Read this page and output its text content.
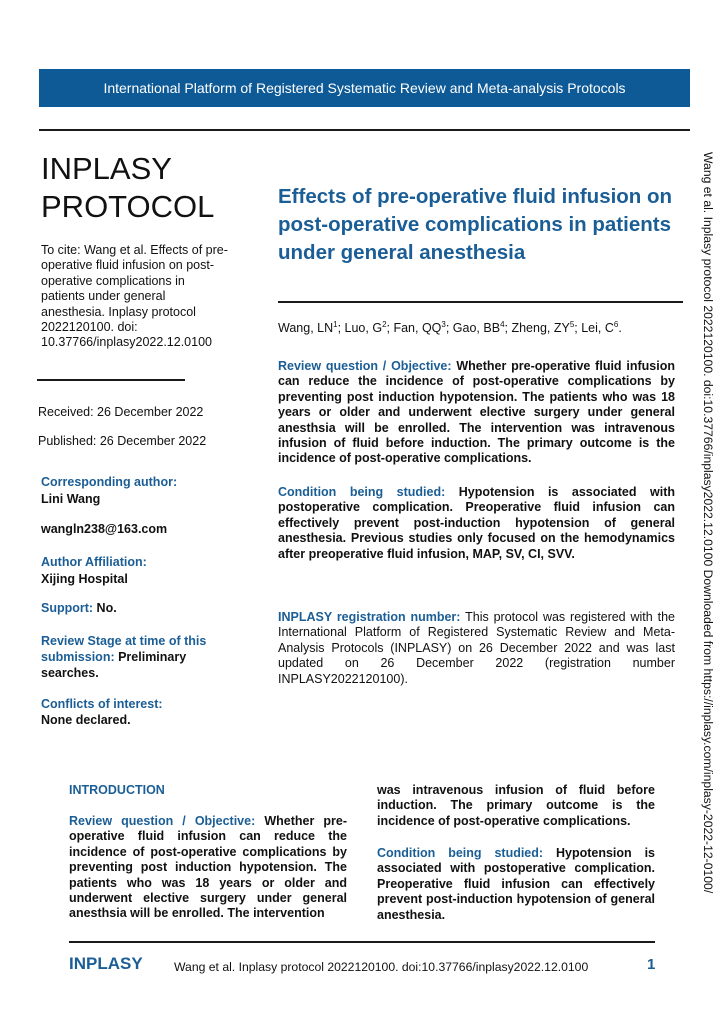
International Platform of Registered Systematic Review and Meta-analysis Protocols
INPLASY
PROTOCOL
To cite: Wang et al. Effects of pre-operative fluid infusion on post-operative complications in patients under general anesthesia. Inplasy protocol 2022120100. doi: 10.37766/inplasy2022.12.0100
Received: 26 December 2022
Published: 26 December 2022
Corresponding author:
Lini Wang
wangln238@163.com
Author Affiliation:
Xijing Hospital
Support: No.
Review Stage at time of this submission: Preliminary searches.
Conflicts of interest:
None declared.
Effects of pre-operative fluid infusion on post-operative complications in patients under general anesthesia
Wang, $LN^1$; Luo, $G^2$; Fan, $QQ^3$; Gao, $BB^4$; Zheng, $ZY^5$; Lei, $C^6$.
Review question / Objective: Whether pre-operative fluid infusion can reduce the incidence of post-operative complications by preventing post induction hypotension. The patients who was 18 years or older and underwent elective surgery under general anesthsia will be enrolled. The intervention was intravenous infusion of fluid before induction. The primary outcome is the incidence of post-operative complications.
Condition being studied: Hypotension is associated with postoperative complication. Preoperative fluid infusion can effectively prevent post-induction hypotension of general anesthesia. Previous studies only focused on the hemodynamics after preoperative fluid infusion, MAP, SV, CI, SVV.
INPLASY registration number: This protocol was registered with the International Platform of Registered Systematic Review and Meta-Analysis Protocols (INPLASY) on 26 December 2022 and was last updated on 26 December 2022 (registration number INPLASY2022120100).	Wang et al. Inplasy protocol 2022120100. doi:10.37766/inplasy2022.12.0100 Downloaded from https://inplasy.com/inplasy-2022-12-0100/
INTRODUCTION
Review question / Objective: Whether pre-operative fluid infusion can reduce the incidence of post-operative complications by preventing post induction hypotension. The patients who was 18 years or older and underwent elective surgery under general anesthsia will be enrolled. The intervention
was intravenous infusion of fluid before induction. The primary outcome is the incidence of post-operative complications.
Condition being studied: Hypotension is associated with postoperative complication. Preoperative fluid infusion can effectively prevent post-induction hypotension of general anesthesia.
INPLASY	Wang et al. Inplasy protocol 2022120100. doi:10.37766/inplasy2022.12.0100	1
